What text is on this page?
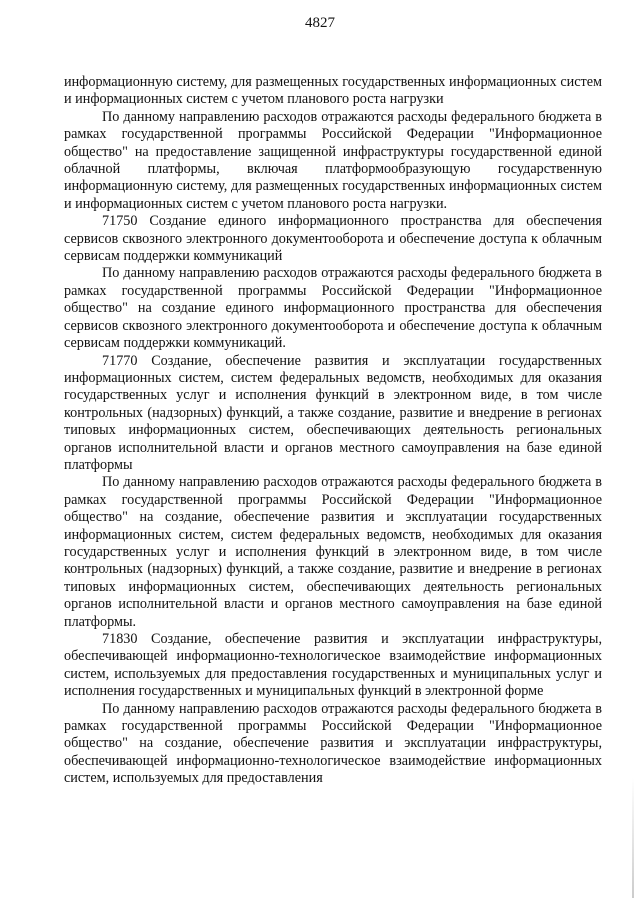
4827

информационную систему, для размещенных государственных информационных систем и информационных систем с учетом планового роста нагрузки

По данному направлению расходов отражаются расходы федерального бюджета в рамках государственной программы Российской Федерации "Информационное общество" на предоставление защищенной инфраструктуры государственной единой облачной платформы, включая платформообразующую государственную информационную систему, для размещенных государственных информационных систем и информационных систем с учетом планового роста нагрузки.

71750 Создание единого информационного пространства для обеспечения сервисов сквозного электронного документооборота и обеспечение доступа к облачным сервисам поддержки коммуникаций

По данному направлению расходов отражаются расходы федерального бюджета в рамках государственной программы Российской Федерации "Информационное общество" на создание единого информационного пространства для обеспечения сервисов сквозного электронного документооборота и обеспечение доступа к облачным сервисам поддержки коммуникаций.

71770 Создание, обеспечение развития и эксплуатации государственных информационных систем, систем федеральных ведомств, необходимых для оказания государственных услуг и исполнения функций в электронном виде, в том числе контрольных (надзорных) функций, а также создание, развитие и внедрение в регионах типовых информационных систем, обеспечивающих деятельность региональных органов исполнительной власти и органов местного самоуправления на базе единой платформы

По данному направлению расходов отражаются расходы федерального бюджета в рамках государственной программы Российской Федерации "Информационное общество" на создание, обеспечение развития и эксплуатации государственных информационных систем, систем федеральных ведомств, необходимых для оказания государственных услуг и исполнения функций в электронном виде, в том числе контрольных (надзорных) функций, а также создание, развитие и внедрение в регионах типовых информационных систем, обеспечивающих деятельность региональных органов исполнительной власти и органов местного самоуправления на базе единой платформы.

71830 Создание, обеспечение развития и эксплуатации инфраструктуры, обеспечивающей информационно-технологическое взаимодействие информационных систем, используемых для предоставления государственных и муниципальных услуг и исполнения государственных и муниципальных функций в электронной форме

По данному направлению расходов отражаются расходы федерального бюджета в рамках государственной программы Российской Федерации "Информационное общество" на создание, обеспечение развития и эксплуатации инфраструктуры, обеспечивающей информационно-технологическое взаимодействие информационных систем, используемых для предоставления
